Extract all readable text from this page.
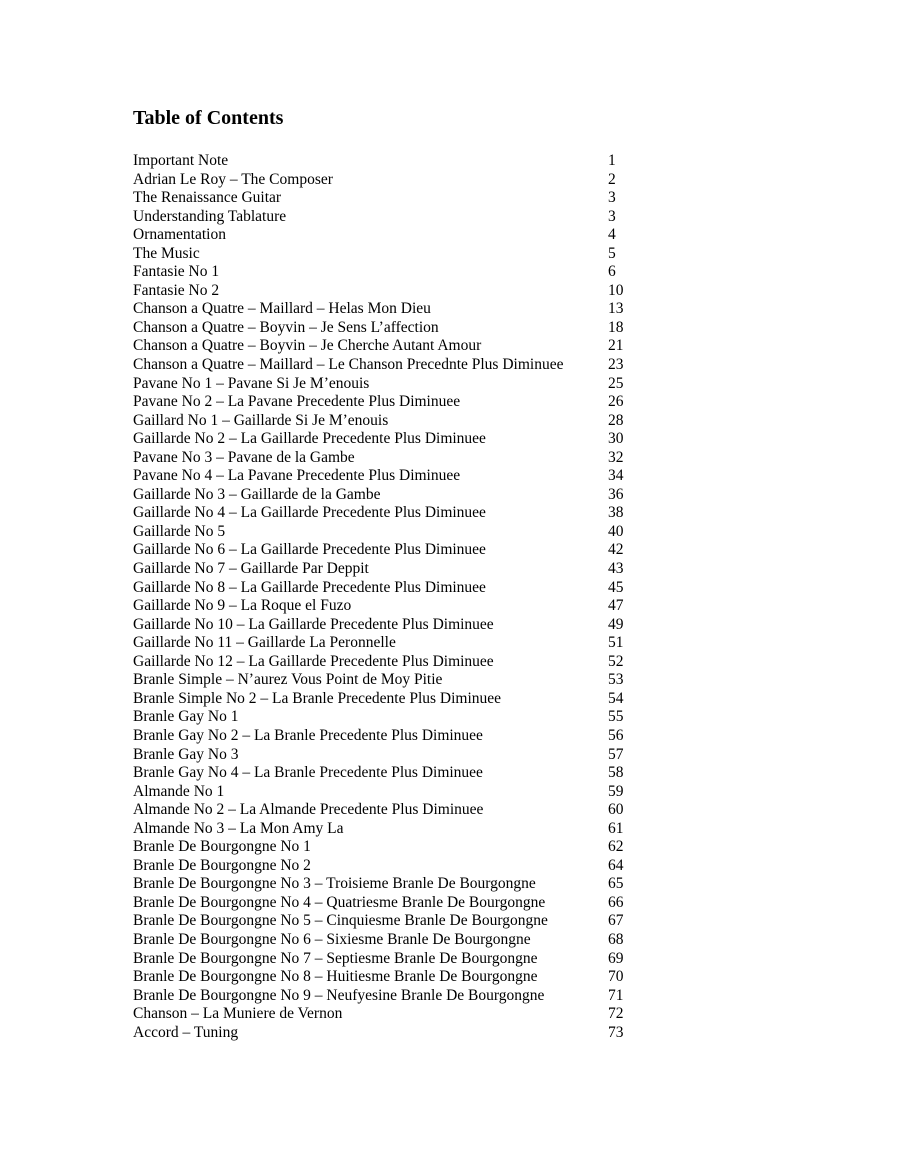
Table of Contents
Important Note	1
Adrian Le Roy – The Composer	2
The Renaissance Guitar	3
Understanding Tablature	3
Ornamentation	4
The Music	5
Fantasie No 1	6
Fantasie No 2	10
Chanson a Quatre – Maillard – Helas Mon Dieu	13
Chanson a Quatre – Boyvin – Je Sens L’affection	18
Chanson a Quatre – Boyvin – Je Cherche Autant Amour	21
Chanson a Quatre – Maillard – Le Chanson Precednte Plus Diminuee	23
Pavane No 1 – Pavane Si Je M’enouis	25
Pavane No 2 – La Pavane Precedente Plus Diminuee	26
Gaillard No 1 – Gaillarde Si Je M’enouis	28
Gaillarde No 2 – La Gaillarde Precedente Plus Diminuee	30
Pavane No 3 – Pavane de la Gambe	32
Pavane No 4 – La Pavane Precedente Plus Diminuee	34
Gaillarde No 3 – Gaillarde de la Gambe	36
Gaillarde No 4 – La Gaillarde Precedente Plus Diminuee	38
Gaillarde No 5	40
Gaillarde No 6 – La Gaillarde Precedente Plus Diminuee	42
Gaillarde No 7 – Gaillarde Par Deppit	43
Gaillarde No 8 – La Gaillarde Precedente Plus Diminuee	45
Gaillarde No 9 – La Roque el Fuzo	47
Gaillarde No 10 – La Gaillarde Precedente Plus Diminuee	49
Gaillarde No 11 – Gaillarde La Peronnelle	51
Gaillarde No 12 – La Gaillarde Precedente Plus Diminuee	52
Branle Simple – N’aurez Vous Point de Moy Pitie	53
Branle Simple No 2 – La Branle Precedente Plus Diminuee	54
Branle Gay No 1	55
Branle Gay No 2 – La Branle Precedente Plus Diminuee	56
Branle Gay No 3	57
Branle Gay No 4 – La Branle Precedente Plus Diminuee	58
Almande No 1	59
Almande No 2 – La Almande Precedente Plus Diminuee	60
Almande No 3 – La Mon Amy La	61
Branle De Bourgongne No 1	62
Branle De Bourgongne No 2	64
Branle De Bourgongne No 3 – Troisieme Branle De Bourgongne	65
Branle De Bourgongne No 4 – Quatriesme Branle De Bourgongne	66
Branle De Bourgongne No 5 – Cinquiesme Branle De Bourgongne	67
Branle De Bourgongne No 6 – Sixiesme Branle De Bourgongne	68
Branle De Bourgongne No 7 – Septiesme Branle De Bourgongne	69
Branle De Bourgongne No 8 – Huitiesme Branle De Bourgongne	70
Branle De Bourgongne No 9 – Neufyesine Branle De Bourgongne	71
Chanson – La Muniere de Vernon	72
Accord – Tuning	73
